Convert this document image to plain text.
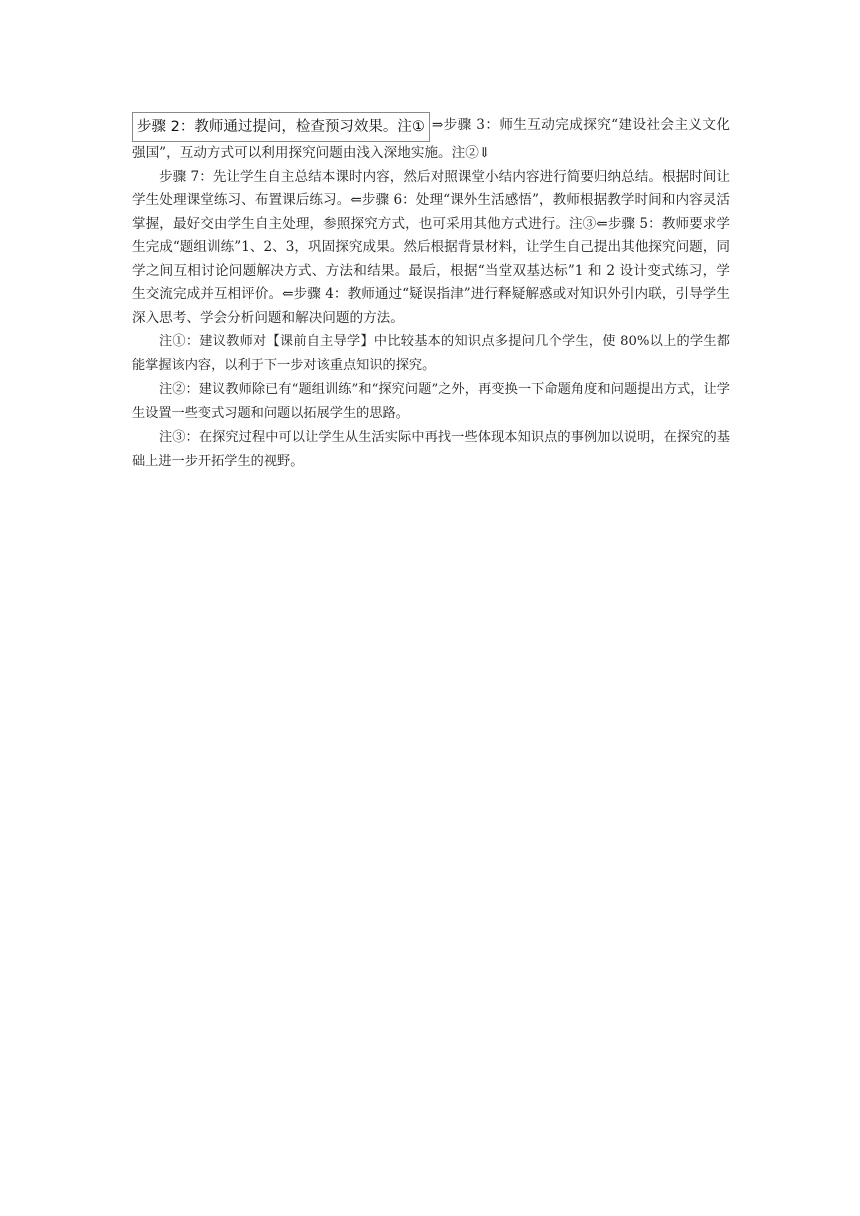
步骤 2：教师通过提问，检查预习效果。注① ⇒步骤 3：师生互动完成探究“建设社会主义文化强国”，互动方式可以利用探究问题由浅入深地实施。注②⇓

步骤 7：先让学生自主总结本课时内容，然后对照课堂小结内容进行简要归纳总结。根据时间让学生处理课堂练习、布置课后练习。⇐步骤 6：处理“课外生活感悟”，教师根据教学时间和内容灵活掌握，最好交由学生自主处理，参照探究方式，也可采用其他方式进行。注③⇐步骤 5：教师要求学生完成“题组训练”1、2、3，巩固探究成果。然后根据背景材料，让学生自己提出其他探究问题，同学之间互相讨论问题解决方式、方法和结果。最后，根据“当堂双基达标”1 和 2 设计变式练习，学生交流完成并互相评价。⇐步骤 4：教师通过“疑误指津”进行释疑解惑或对知识外引内联，引导学生深入思考、学会分析问题和解决问题的方法。

注①：建议教师对【课前自主导学】中比较基本的知识点多提问几个学生，使 80%以上的学生都能掌握该内容，以利于下一步对该重点知识的探究。

注②：建议教师除已有“题组训练”和“探究问题”之外，再变换一下命题角度和问题提出方式，让学生设置一些变式习题和问题以拓展学生的思路。

注③：在探究过程中可以让学生从生活实际中再找一些体现本知识点的事例加以说明，在探究的基础上进一步开拓学生的视野。
